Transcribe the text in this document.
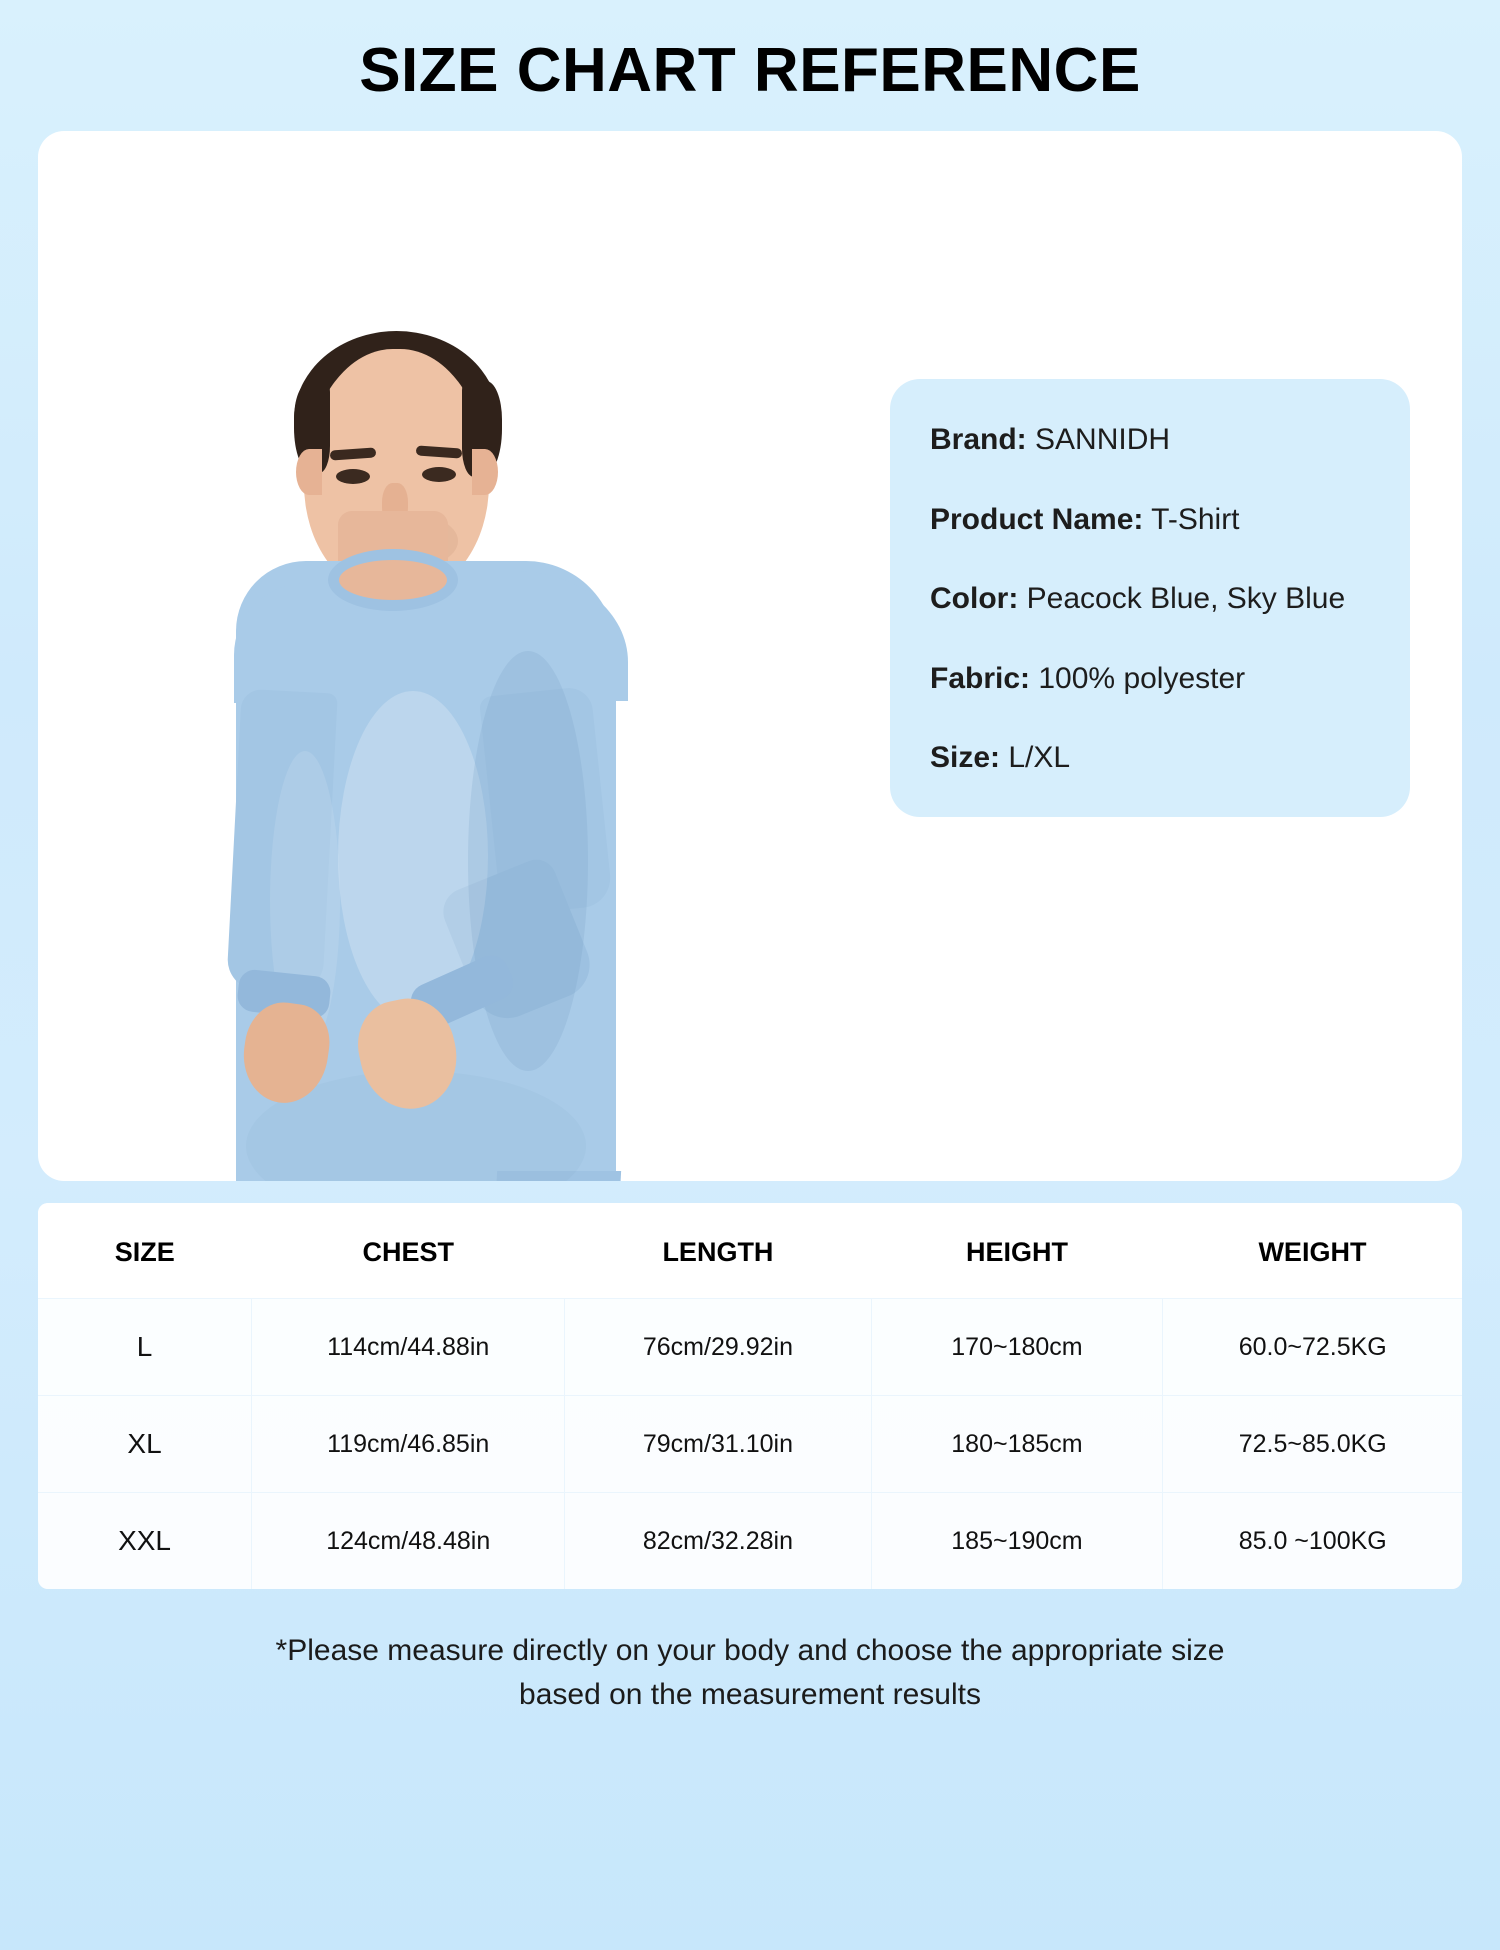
SIZE CHART REFERENCE
Brand: SANNIDH
Product Name: T-Shirt
Color: Peacock Blue, Sky Blue
Fabric: 100% polyester
Size: L/XL
SIZE	CHEST	LENGTH	HEIGHT	WEIGHT
L	114cm/44.88in	76cm/29.92in	170~180cm	60.0~72.5KG
XL	119cm/46.85in	79cm/31.10in	180~185cm	72.5~85.0KG
XXL	124cm/48.48in	82cm/32.28in	185~190cm	85.0 ~100KG
*Please measure directly on your body and choose the appropriate size
based on the measurement results
